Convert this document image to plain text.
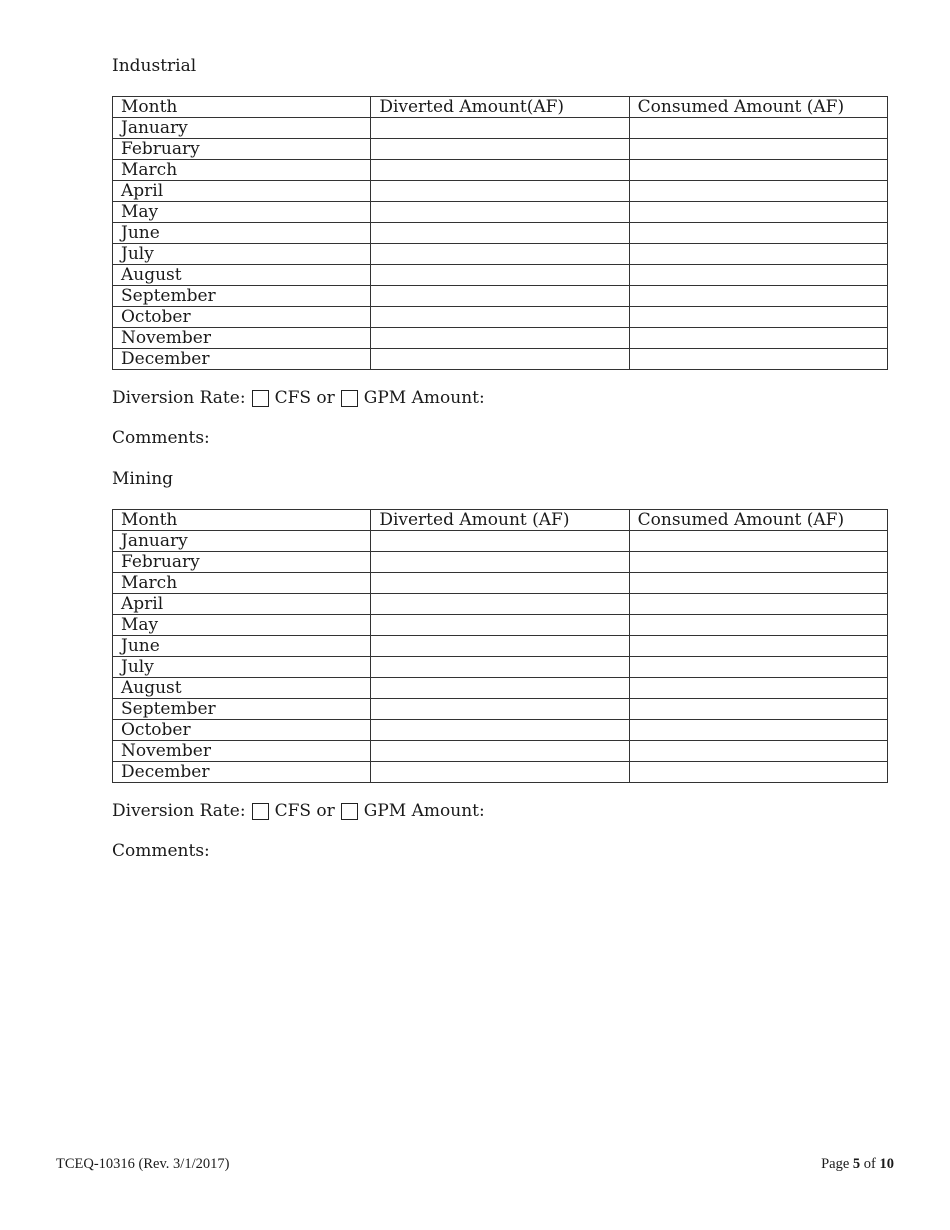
Industrial
Month	Diverted Amount(AF)	Consumed Amount (AF)
January		
February		
March		
April		
May		
June		
July		
August		
September		
October		
November		
December		
Diversion Rate: CFS or GPM Amount:
Comments:
Mining
Month	Diverted Amount (AF)	Consumed Amount (AF)
January		
February		
March		
April		
May		
June		
July		
August		
September		
October		
November		
December		
Diversion Rate: CFS or GPM Amount:
Comments:
TCEQ-10316 (Rev. 3/1/2017)	Page 5 of 10
